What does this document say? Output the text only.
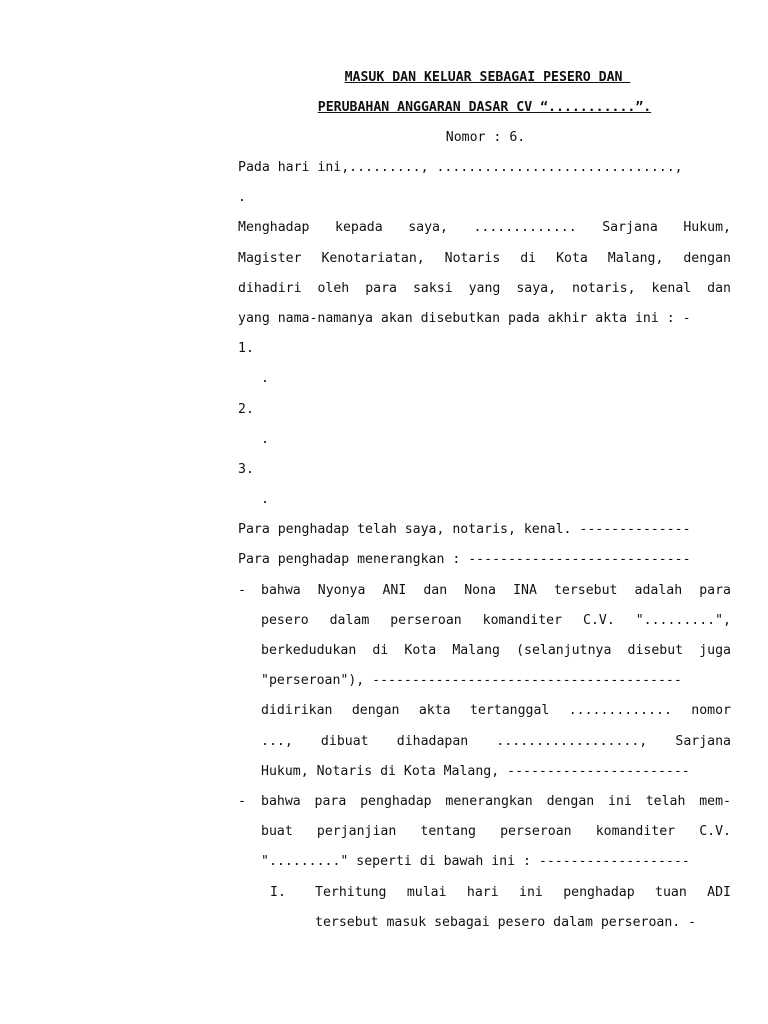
MASUK DAN KELUAR SEBAGAI PESERO DAN
PERUBAHAN ANGGARAN DASAR CV “...........”.
Nomor : 6.
Pada hari ini,........., ..............................,
.
Menghadap kepada saya, ............. Sarjana Hukum,
Magister Kenotariatan, Notaris di Kota Malang, dengan
dihadiri oleh para saksi yang saya, notaris, kenal dan
yang nama-namanya akan disebutkan pada akhir akta ini : -

1.

.

2.

.

3.

.
Para penghadap telah saya, notaris, kenal. --------------
Para penghadap menerangkan : ----------------------------
- bahwa Nyonya ANI dan Nona INA tersebut adalah para
pesero dalam perseroan komanditer C.V. ".........",
berkedudukan di Kota Malang (selanjutnya disebut juga
"perseroan"), ---------------------------------------
didirikan dengan akta tertanggal ............. nomor
..., dibuat dihadapan .................., Sarjana
Hukum, Notaris di Kota Malang, -----------------------
- bahwa para penghadap menerangkan dengan ini telah mem-
buat perjanjian tentang perseroan komanditer C.V.
"........." seperti di bawah ini : -------------------
I. Terhitung mulai hari ini penghadap tuan ADI
tersebut masuk sebagai pesero dalam perseroan. -
